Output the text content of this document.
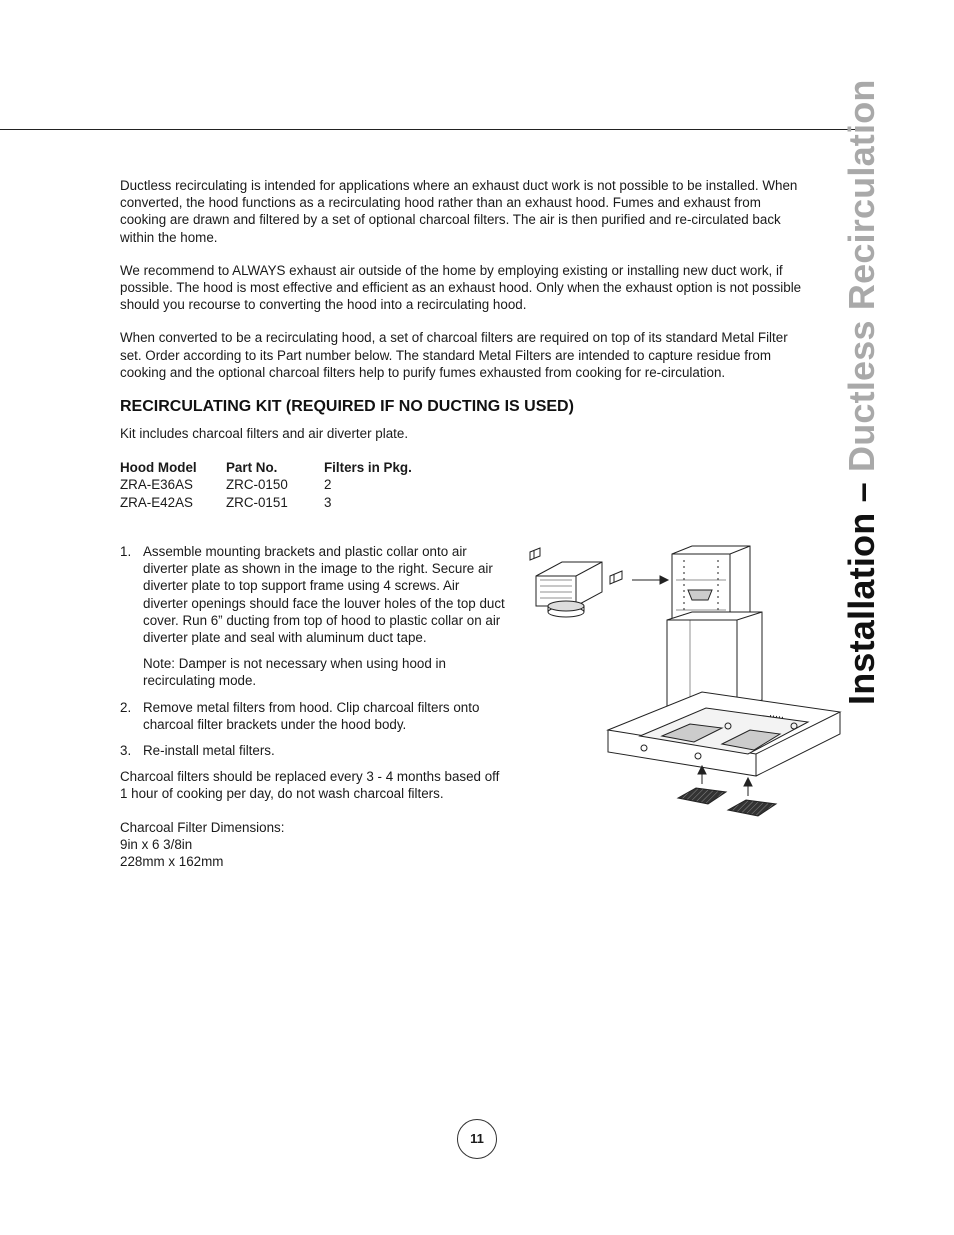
Installation – Ductless Recirculation

Ductless recirculating is intended for applications where an exhaust duct work is not possible to be installed. When converted, the hood functions as a recirculating hood rather than an exhaust hood. Fumes and exhaust from cooking are drawn and filtered by a set of optional charcoal filters. The air is then purified and re-circulated back within the home.

We recommend to ALWAYS exhaust air outside of the home by employing existing or installing new duct work, if possible. The hood is most effective and efficient as an exhaust hood. Only when the exhaust option is not possible should you recourse to converting the hood into a recirculating hood.

When converted to be a recirculating hood, a set of charcoal filters are required on top of its standard Metal Filter set. Order according to its Part number below. The standard Metal Filters are intended to capture residue from cooking and the optional charcoal filters help to purify fumes exhausted from cooking for re-circulation.

RECIRCULATING KIT (REQUIRED IF NO DUCTING IS USED)

Kit includes charcoal filters and air diverter plate.

Hood Model	Part No.	Filters in Pkg.
ZRA-E36AS	ZRC-0150	2
ZRA-E42AS	ZRC-0151	3
1. Assemble mounting brackets and plastic collar onto air diverter plate as shown in the image to the right. Secure air diverter plate to top support frame using 4 screws. Air diverter openings should face the louver holes of the top duct cover. Run 6” ducting from top of hood to plastic collar on air diverter plate and seal with aluminum duct tape.
Note: Damper is not necessary when using hood in recirculating mode.
2. Remove metal filters from hood. Clip charcoal filters onto charcoal filter brackets under the hood body.
3. Re-install metal filters.

Charcoal filters should be replaced every 3 - 4 months based off 1 hour of cooking per day, do not wash charcoal filters.

Charcoal Filter Dimensions:

9in x 6 3/8in

228mm x 162mm

11
